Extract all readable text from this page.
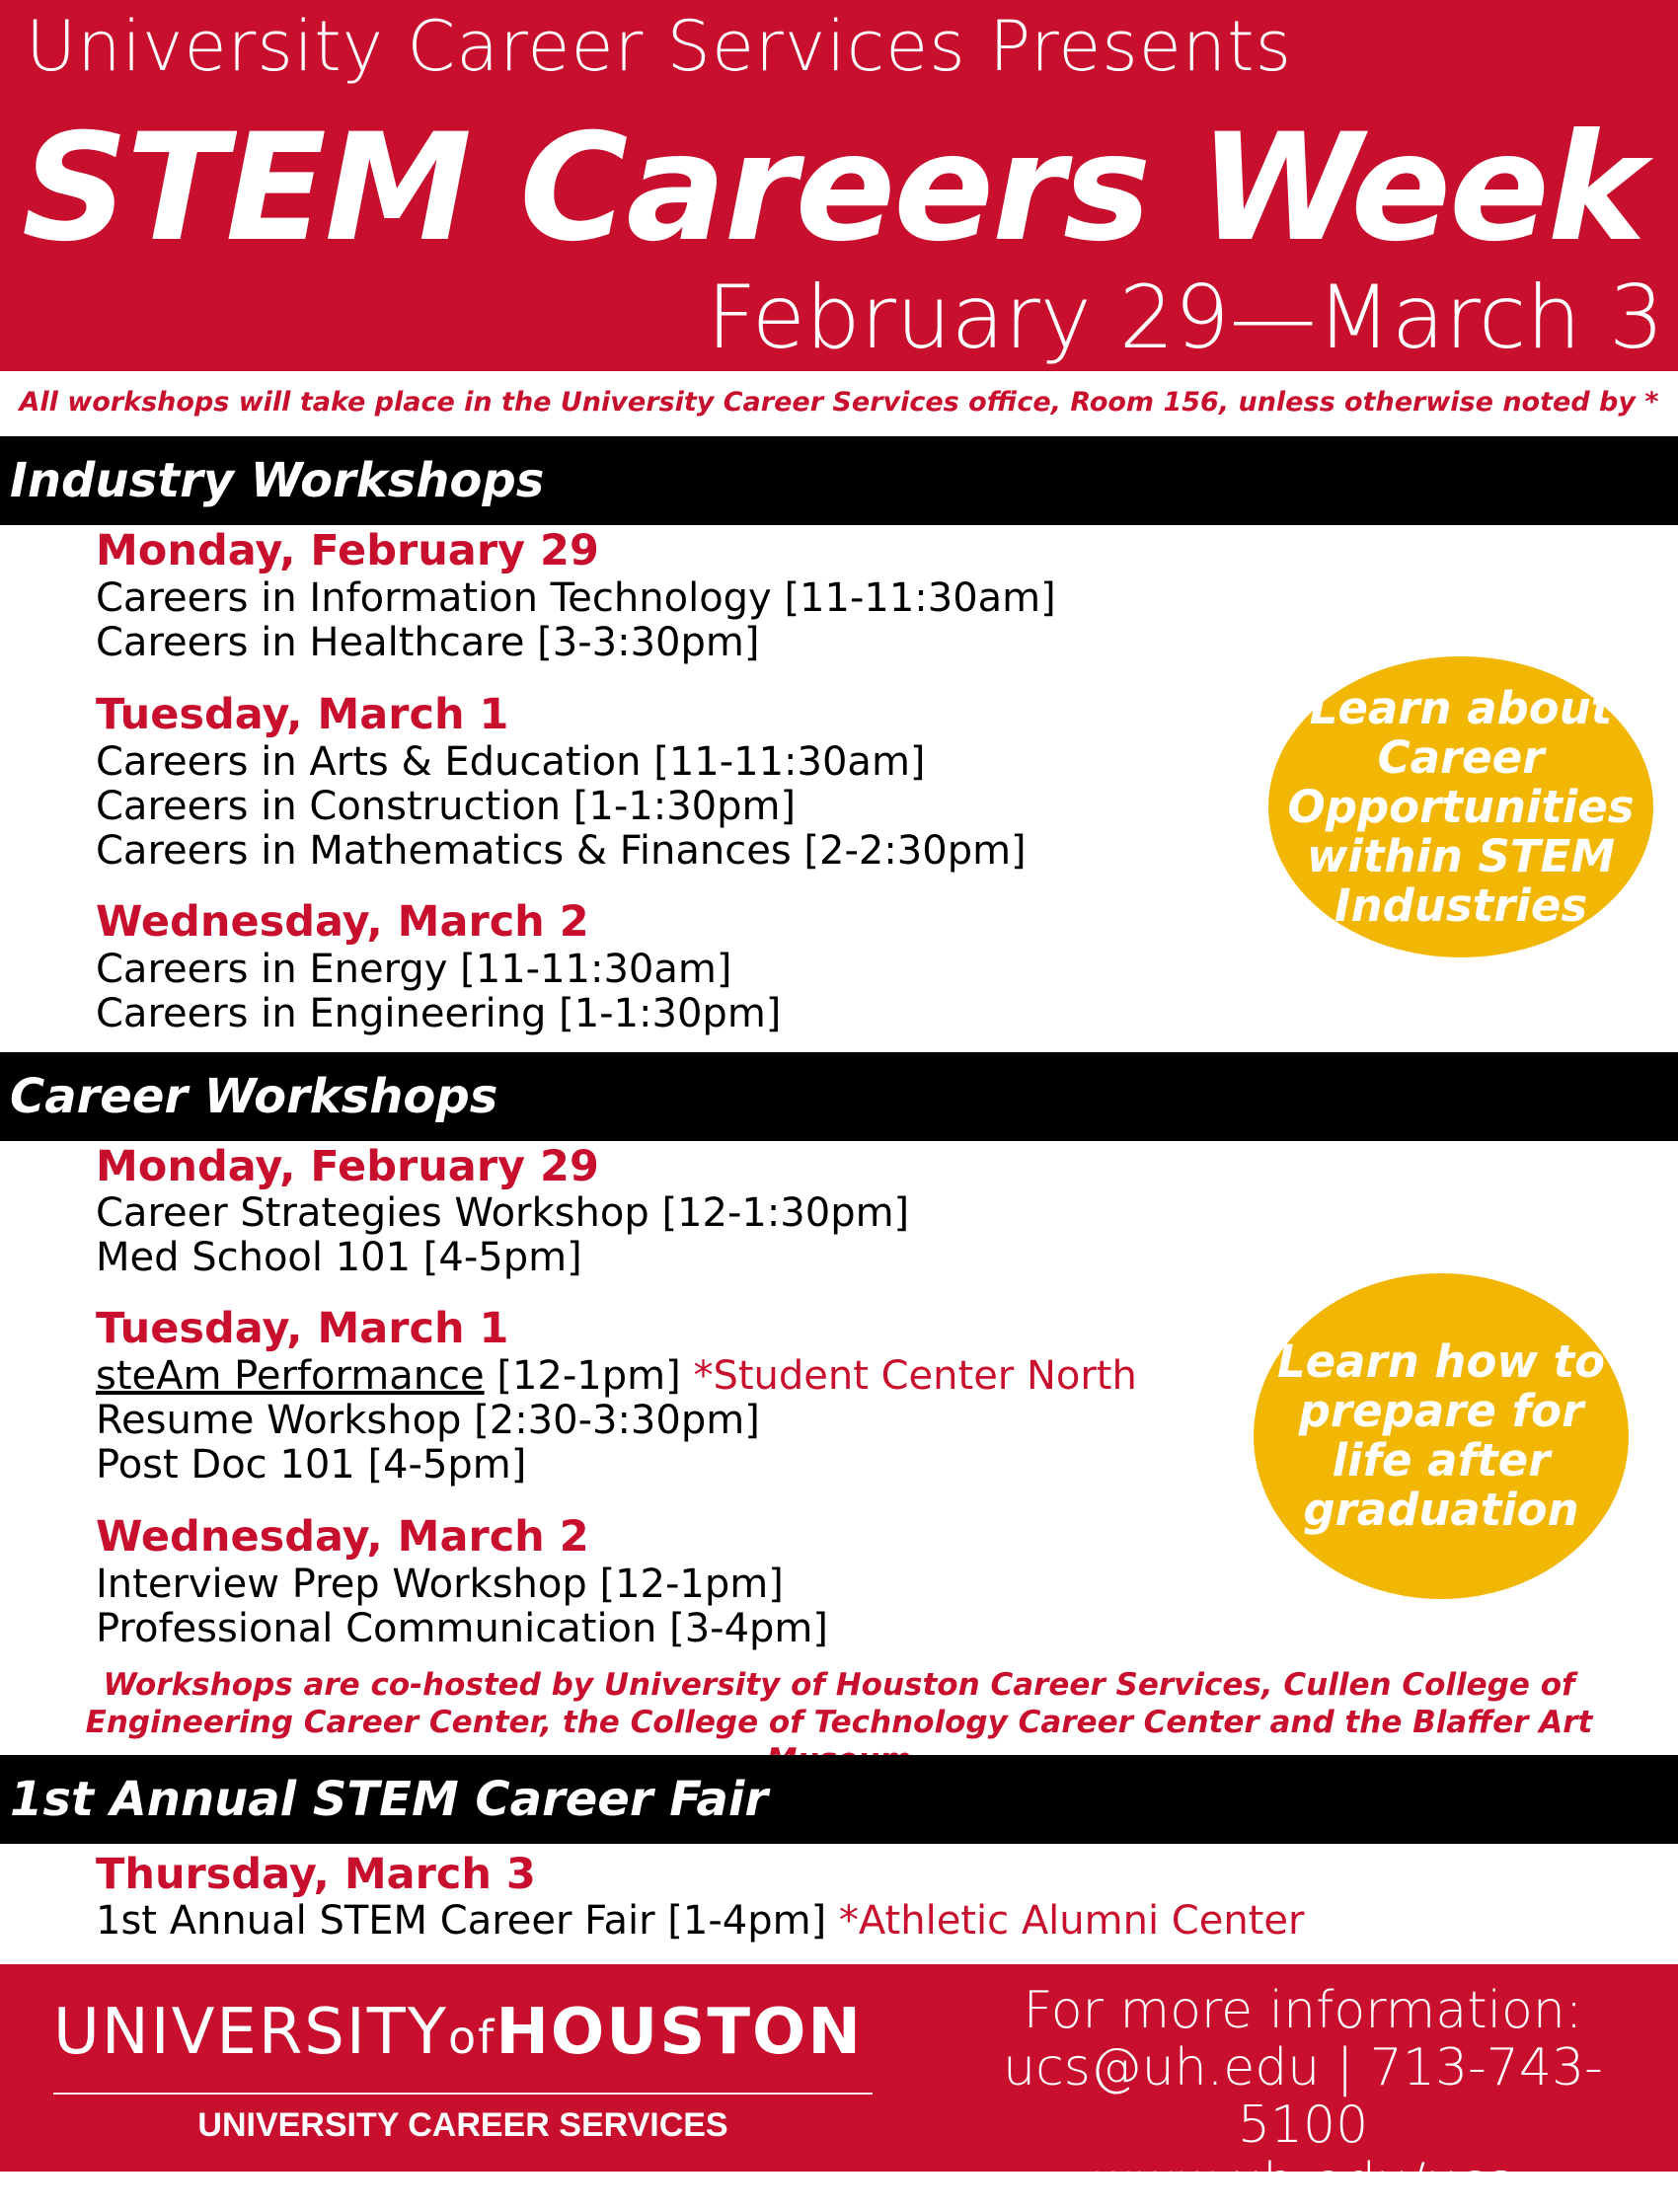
University Career Services Presents
STEM Careers Week
February 29—March 3
All workshops will take place in the University Career Services office, Room 156, unless otherwise noted by *
Industry Workshops
Monday, February 29
Careers in Information Technology [11-11:30am]
Careers in Healthcare [3-3:30pm]
Tuesday, March 1
Careers in Arts & Education [11-11:30am]
Careers in Construction [1-1:30pm]
Careers in Mathematics & Finances [2-2:30pm]
Wednesday, March 2
Careers in Energy [11-11:30am]
Careers in Engineering [1-1:30pm]
Learn about Career Opportunities within STEM Industries
Career Workshops
Monday, February 29
Career Strategies Workshop [12-1:30pm]
Med School 101 [4-5pm]
Tuesday, March 1
steAm Performance [12-1pm] *Student Center North
Resume Workshop [2:30-3:30pm]
Post Doc 101 [4-5pm]
Wednesday, March 2
Interview Prep Workshop [12-1pm]
Professional Communication [3-4pm]
Learn how to prepare for life after graduation
Workshops are co-hosted by University of Houston Career Services, Cullen College of Engineering Career Center, the College of Technology Career Center and the Blaffer Art
1st Annual STEM Career Fair
Thursday, March 3
1st Annual STEM Career Fair [1-4pm] *Athletic Alumni Center
UNIVERSITYofHOUSTON
UNIVERSITY CAREER SERVICES
For more information:
ucs@uh.edu | 713-743-5100
www.uh.edu/ucs
